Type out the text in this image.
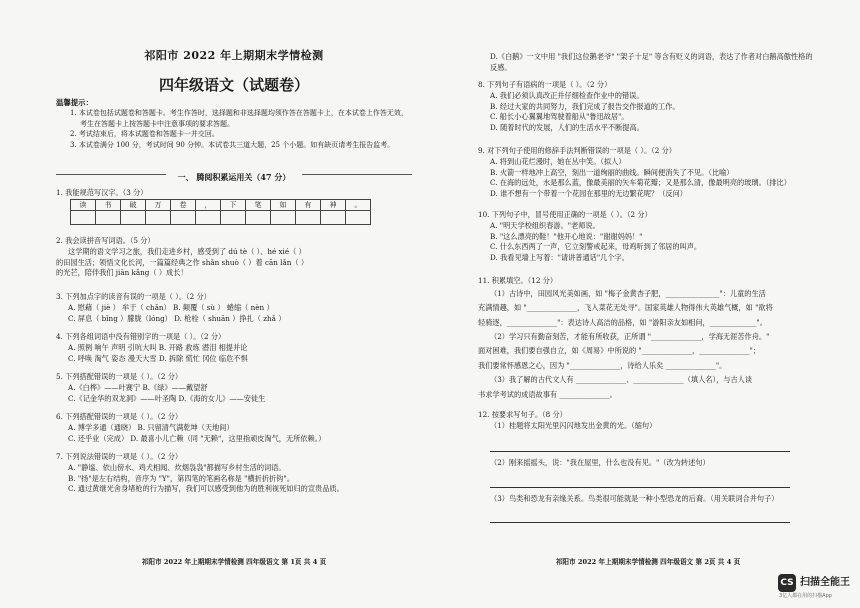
祁阳市 2022 年上期期末学情检测
四年级语文（试题卷）
温馨提示：

1. 本试卷包括试题卷和答题卡。考生作答时，选择题和非选择题均须作答在答题卡上，在本试卷上作答无效，考生在答题卡上按答题卡中注意事项的要求答题。

2. 考试结束后，将本试题卷和答题卡一并交回。

3. 本试卷满分 100 分，考试时间 90 分钟。本试卷共三道大题，25 个小题。如有缺页请考生报告监考。

一、 腾阅积累运用关（47 分）

1. 我能规范写汉字。（3 分）

读	书	破	万	卷	，	下	笔	如	有	神	。

2. 我会读拼音写词语。（5 分）

这学期的语文学习之旅，我们走进乡村，感受到了 dú tè（ ）、hé xié（ ）

的田园生活；领悟文化长河，一篇篇经典之作 shǎn shuò（ ）着 cān lǎn（ ）

的光芒，陪伴我们 jiān kǎng（ ）成长！

3. 下列加点字的读音有误的一项是（ ）。（2 分）

A. 慰藉（ jiè ） 牟于（ chǎn） B. 颠覆（ sù ） 蜷缩（ nèn ）

C. 屏息（ bǐng ）朦胧（lóng） D. 枪栓（ shuān ）挣扎（ zhǎ ）

4. 下列各组词语中没有错别字的一项是（ ）。（2 分）

A. 照例 响午 声明 引吭大叫 B. 开路 救炼 潜泪 相提并论

C. 呼唤 淘气 姿态 漫天大雪 D. 拆除 慌忙 冈位 临危不惧

5. 下列搭配错误的一项是（ ）。（2 分）

A.《白桦》——叶赛宁 B.《绿》——戴望舒

C.《记金华的双龙洞》——叶圣陶 D.《海的女儿》——安徒生

6. 下列搭配错误的一项是（ ）。（2 分）

A. 博学多通（通晓） B. 只留清气满乾坤（天地间）

C. 还乎业（完成） D. 最喜小儿亡赖（同 "无赖"，这里指顽皮淘气，无所依赖。）

7. 下列说法错误的一项是（ ）。（2 分）

A. "静谧、依山傍水、鸡犬相闻、炊烟袅袅"都描写乡村生活的词语。

B. "扬"是左右结构，音序为 "Y"，第四笔的笔画名称是 "横折折折钩"。

C. 通过黄继光舍身堵枪的行为描写，我们可以感受到他为的胜利视死如归的宣贵品质。

祁阳市 2022 年上期期末学情检测 四年级语文 第 1页 共 4 页

D.《白鹅》一文中用 "我们这位鹅老爷" "架子十足" 等含有贬义的词语，表达了作者对白鹅高傲性格的反感。

8. 下列句子有语病的一项是（ ）。（2 分）

A. 我们必须认真改正并仔细检查作业中的错误。

B. 经过大家的共同努力，我们完成了报告交作报道的工作。

C. 船长小心翼翼地驾驶着船从"鲁迅故居"。

D. 随着时代的发展，人们的生活水平不断提高。

9. 对下列句子使用的修辞手法判断错误的一项是（ ）。（2 分）

A. 将到山花烂漫时，她在丛中笑。（拟人）

B. 火箭一样地冲上高空，刻出一道绚丽的曲线。瞬间便消失了不见。（比喻）

C. 在海的远处，水是那么蓝，像最美丽的矢车菊花瓣；又是那么清，像最明亮的玻璃。（排比）

D. 谁不想有一个带着一个花园在那里的无边繁花呢？（反问）

10. 下列句子中，冒号使用正确的一项是（ ）。（2 分）

A. "明天学校组织春游。"老师说。

B. "这么漂亮的鞋！"他开心地说："谢谢妈妈！"

C. 什么东西两了一声，它立刻警戒起来，母鸡听到了邻居的叫声。

D. 我看见墙上写着："请讲普通话"几个字。

11. 积累填空。（12 分）

（1）古诗中，田园风光美如画，如 "梅子金黄杏子肥，_______________"：儿童的生活

充满情趣，如 "______________，飞入菜花无处寻"。国家英雄人物得伟大英雄气概，如 "欲将

轻骑逐，______________"：表达诗人高洁的品格，如 "游阳亲友如相问，_____________"。

（2）学习只有勤奋刻苦，才能有所收获，正所谓 "______________，学海无涯苦作舟。"

面对困难，我们要自强自立，如《周易》中所说的 "______________，______________"；

我们要常怀感恩之心，因为 "______________，诗给人乐矣 ______________"。

（3）我了解的古代文人有 ______________、______________（填人名），与古人谈

书求学考试的成语故事有 ______________。

12. 按要求写句子。（8 分）

（1）桂题将太阳光里闪闪地发出金黄的光。（缩句）

（2）刚来摇摇头，说："我在屋里，什么也没有见。"（改为转述句）

（3）鸟类和恐龙有亲缘关系。鸟类很可能就是一种小型恐龙的后裔。（用关联词合并句子）

祁阳市 2022 年上期期末学情检测 四年级语文 第 2页 共 4 页
CS 扫描全能王
3亿人都在用的扫描App
